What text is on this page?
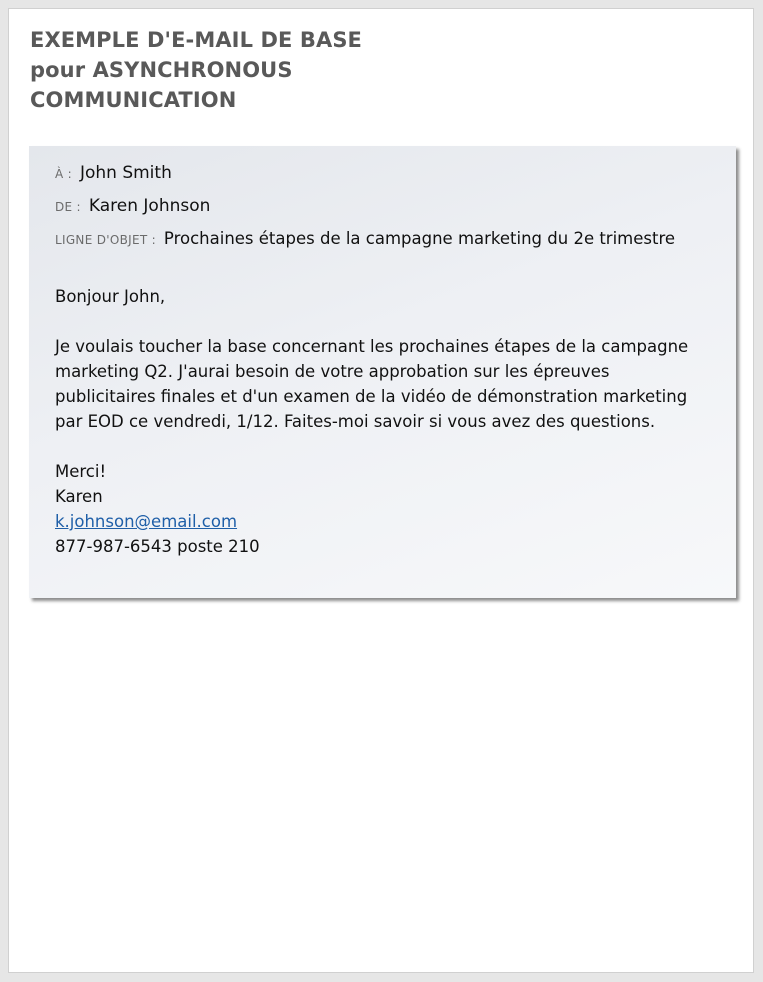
EXEMPLE D'E-MAIL DE BASE
pour ASYNCHRONOUS
COMMUNICATION
À : John Smith
DE : Karen Johnson
LIGNE D'OBJET : Prochaines étapes de la campagne marketing du 2e trimestre
Bonjour John,
Je voulais toucher la base concernant les prochaines étapes de la campagne
marketing Q2. J'aurai besoin de votre approbation sur les épreuves
publicitaires finales et d'un examen de la vidéo de démonstration marketing
par EOD ce vendredi, 1/12. Faites-moi savoir si vous avez des questions.
Merci!
Karen
k.johnson@email.com
877-987-6543 poste 210
